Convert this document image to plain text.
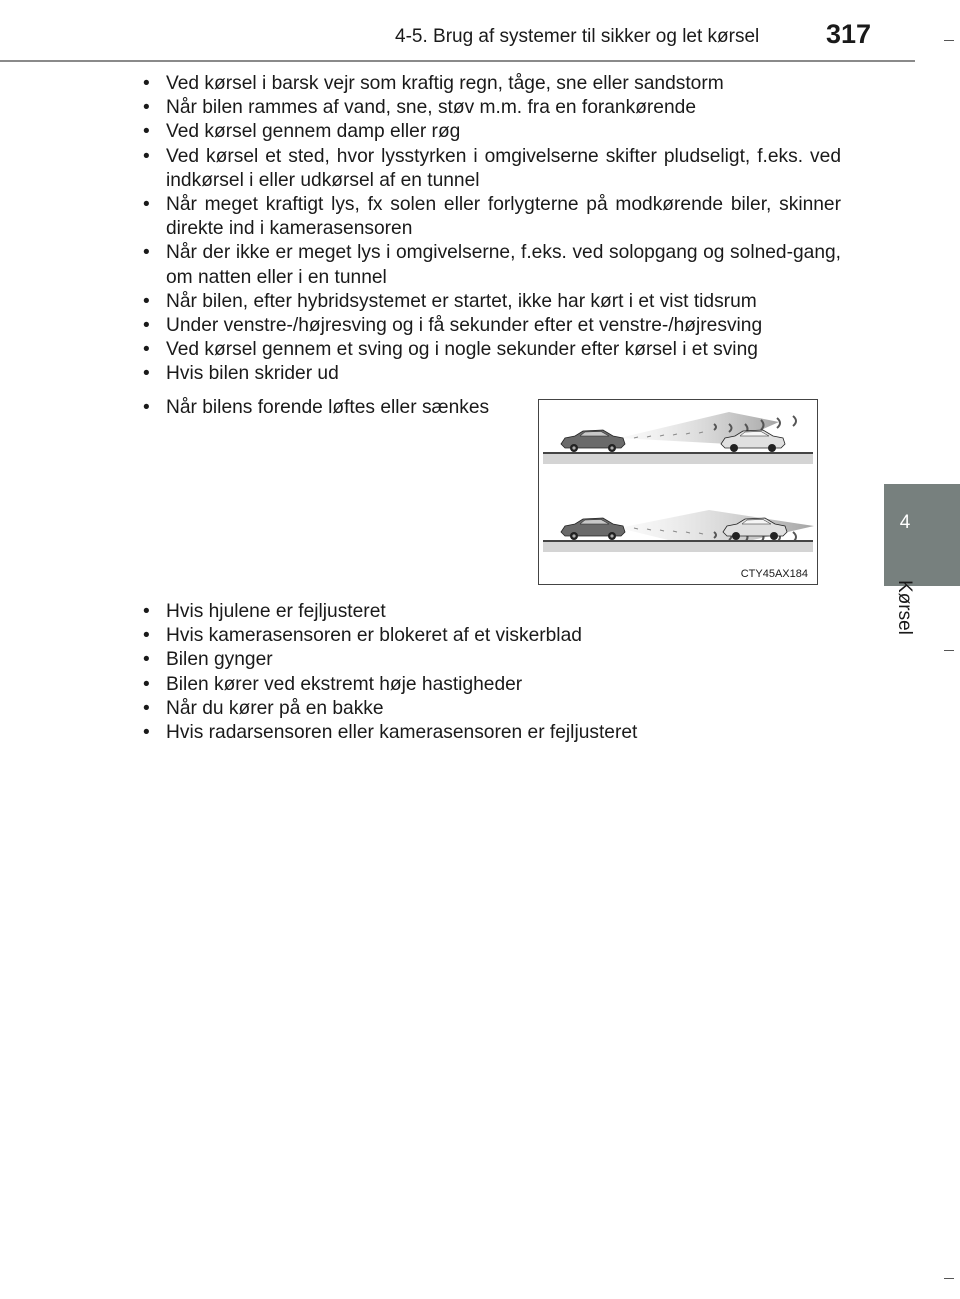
4-5. Brug af systemer til sikker og let kørsel 317
4
Kørsel
• Ved kørsel i barsk vejr som kraftig regn, tåge, sne eller sandstorm
• Når bilen rammes af vand, sne, støv m.m. fra en forankørende
• Ved kørsel gennem damp eller røg
• Ved kørsel et sted, hvor lysstyrken i omgivelserne skifter pludseligt, f.eks. ved indkørsel i eller udkørsel af en tunnel
• Når meget kraftigt lys, fx solen eller forlygterne på modkørende biler, skinner direkte ind i kamerasensoren
• Når der ikke er meget lys i omgivelserne, f.eks. ved solopgang og solned-gang, om natten eller i en tunnel
• Når bilen, efter hybridsystemet er startet, ikke har kørt i et vist tidsrum
• Under venstre-/højresving og i få sekunder efter et venstre-/højresving
• Ved kørsel gennem et sving og i nogle sekunder efter kørsel i et sving
• Hvis bilen skrider ud
• Når bilens forende løftes eller sænkes
CTY45AX184
• Hvis hjulene er fejljusteret
• Hvis kamerasensoren er blokeret af et viskerblad
• Bilen gynger
• Bilen kører ved ekstremt høje hastigheder
• Når du kører på en bakke
• Hvis radarsensoren eller kamerasensoren er fejljusteret
